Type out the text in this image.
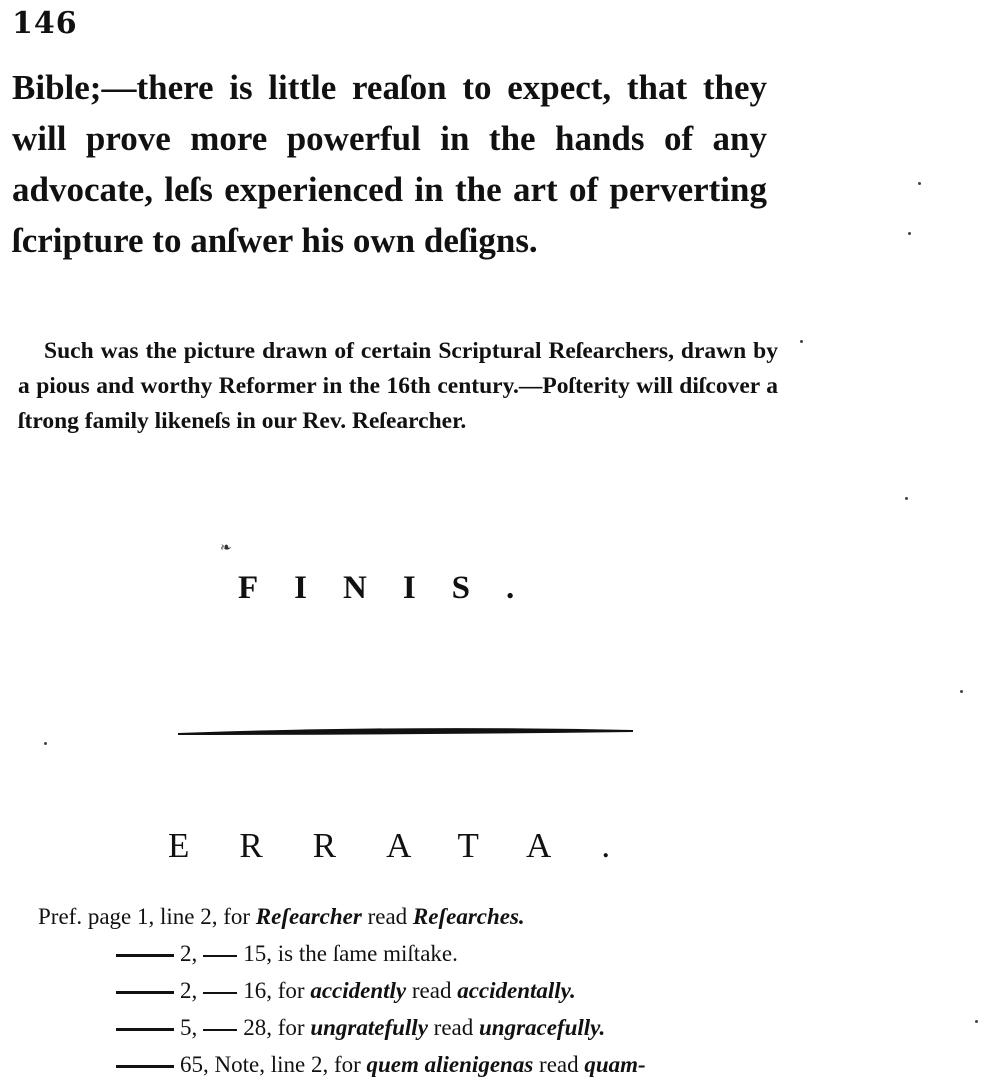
146

Bible;—there is little reaſon to expect, that they will prove more powerful in the hands of any advocate, leſs experienced in the art of perverting ſcripture to anſwer his own deſigns.

Such was the picture drawn of certain Scriptural Reſearchers, drawn by a pious and worthy Reformer in the 16th century.—Poſterity will diſcover a ſtrong family likeneſs in our Rev. Reſearcher.

❧
FINIS.
ERRATA.
Pref. page 1, line 2, for Reſearcher read Reſearches.
2, 15, is the ſame miſtake.
2, 16, for accidently read accidentally.
5, 28, for ungratefully read ungracefully.
65, Note, line 2, for quem alienigenas read quam-
